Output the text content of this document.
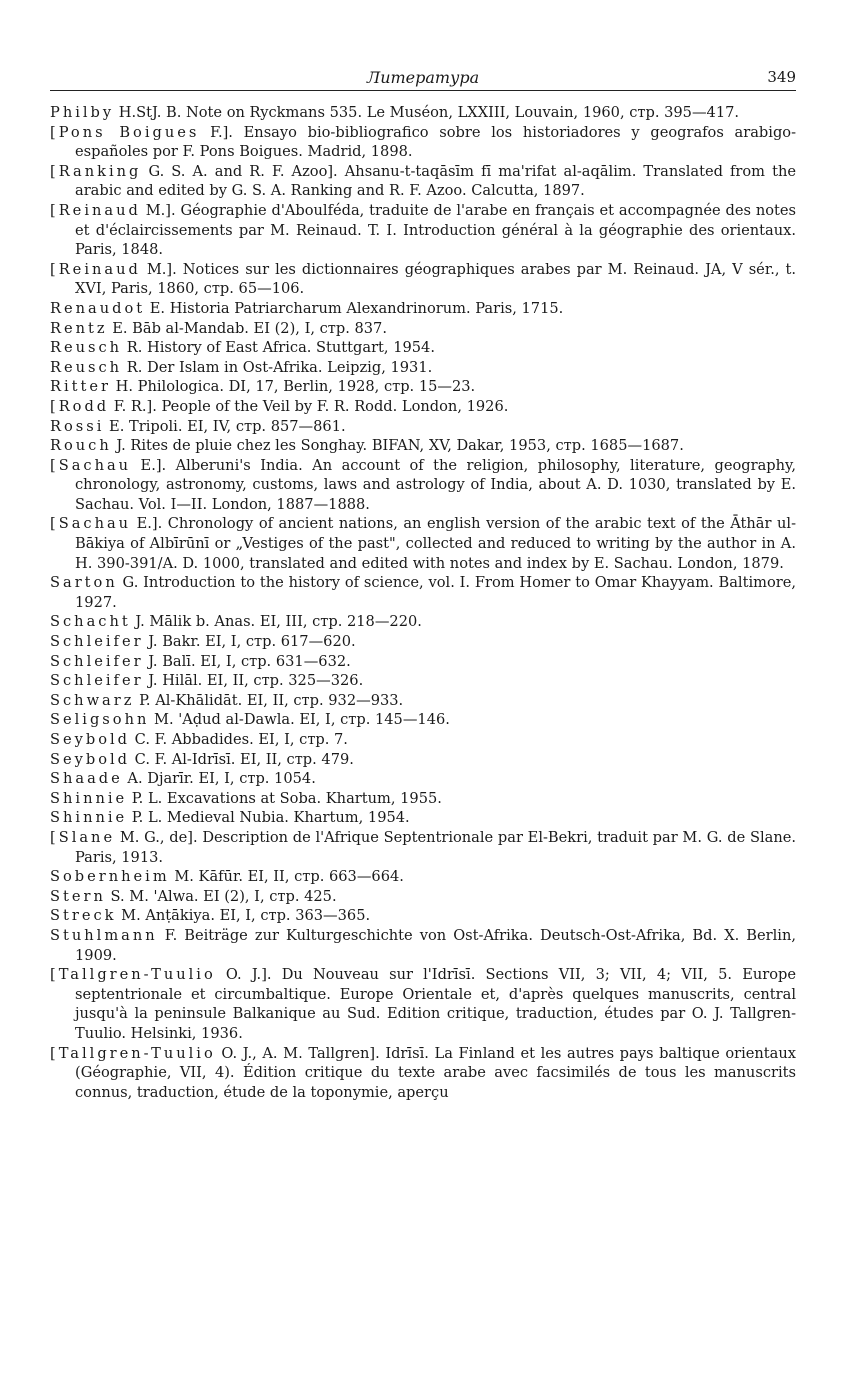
Литература	349

Philby H.StJ. B. Note on Ryckmans 535. Le Muséon, LXXIII, Louvain, 1960, стр. 395—417.

[Pons Boigues F.]. Ensayo bio-bibliografico sobre los historiadores y geografos arabigo-españoles por F. Pons Boigues. Madrid, 1898.

[Ranking G. S. A. and R. F. Azoo]. Ahsanu-t-taqāsīm fī ma'rifat al-aqālim. Translated from the arabic and edited by G. S. A. Ranking and R. F. Azoo. Calcutta, 1897.

[Reinaud M.]. Géographie d'Aboulféda, traduite de l'arabe en français et accompagnée des notes et d'éclaircissements par M. Reinaud. T. I. Introduction général à la géographie des orientaux. Paris, 1848.

[Reinaud M.]. Notices sur les dictionnaires géographiques arabes par M. Reinaud. JA, V sér., t. XVI, Paris, 1860, стр. 65—106.

Renaudot E. Historia Patriarcharum Alexandrinorum. Paris, 1715.

Rentz E. Bāb al-Mandab. EI (2), I, стр. 837.

Reusch R. History of East Africa. Stuttgart, 1954.

Reusch R. Der Islam in Ost-Afrika. Leipzig, 1931.

Ritter H. Philologica. DI, 17, Berlin, 1928, стр. 15—23.

[Rodd F. R.]. People of the Veil by F. R. Rodd. London, 1926.

Rossi E. Tripoli. EI, IV, стр. 857—861.

Rouch J. Rites de pluie chez les Songhay. BIFAN, XV, Dakar, 1953, стр. 1685—1687.

[Sachau E.]. Alberuni's India. An account of the religion, philosophy, literature, geography, chronology, astronomy, customs, laws and astrology of India, about A. D. 1030, translated by E. Sachau. Vol. I—II. London, 1887—1888.

[Sachau E.]. Chronology of ancient nations, an english version of the arabic text of the Āthār ul-Bākiya of Albīrūnī or „Vestiges of the past", collected and reduced to writing by the author in A. H. 390-391/A. D. 1000, translated and edited with notes and index by E. Sachau. London, 1879.

Sarton G. Introduction to the history of science, vol. I. From Homer to Omar Khayyam. Baltimore, 1927.

Schacht J. Mālik b. Anas. EI, III, стр. 218—220.

Schleifer J. Bakr. EI, I, стр. 617—620.

Schleifer J. Balī. EI, I, стр. 631—632.

Schleifer J. Hilāl. EI, II, стр. 325—326.

Schwarz P. Al-Khālidāt. EI, II, стр. 932—933.

Seligsohn M. 'Aḍud al-Dawla. EI, I, стр. 145—146.

Seybold C. F. Abbadides. EI, I, стр. 7.

Seybold C. F. Al-Idrīsī. EI, II, стр. 479.

Shaade A. Djarīr. EI, I, стр. 1054.

Shinnie P. L. Excavations at Soba. Khartum, 1955.

Shinnie P. L. Medieval Nubia. Khartum, 1954.

[Slane M. G., de]. Description de l'Afrique Septentrionale par El-Bekri, traduit par M. G. de Slane. Paris, 1913.

Sobernheim M. Kāfūr. EI, II, стр. 663—664.

Stern S. M. 'Alwa. EI (2), I, стр. 425.

Streck M. Anṭākiya. EI, I, стр. 363—365.

Stuhlmann F. Beiträge zur Kulturgeschichte von Ost-Afrika. Deutsch-Ost-Afrika, Bd. X. Berlin, 1909.

[Tallgren-Tuulio O. J.]. Du Nouveau sur l'Idrīsī. Sections VII, 3; VII, 4; VII, 5. Europe septentrionale et circumbaltique. Europe Orientale et, d'après quelques manuscrits, central jusqu'à la peninsule Balkanique au Sud. Edition critique, traduction, études par O. J. Tallgren-Tuulio. Helsinki, 1936.

[Tallgren-Tuulio O. J., A. M. Tallgren]. Idrīsī. La Finland et les autres pays baltique orientaux (Géographie, VII, 4). Édition critique du texte arabe avec facsimilés de tous les manuscrits connus, traduction, étude de la toponymie, aperçu
